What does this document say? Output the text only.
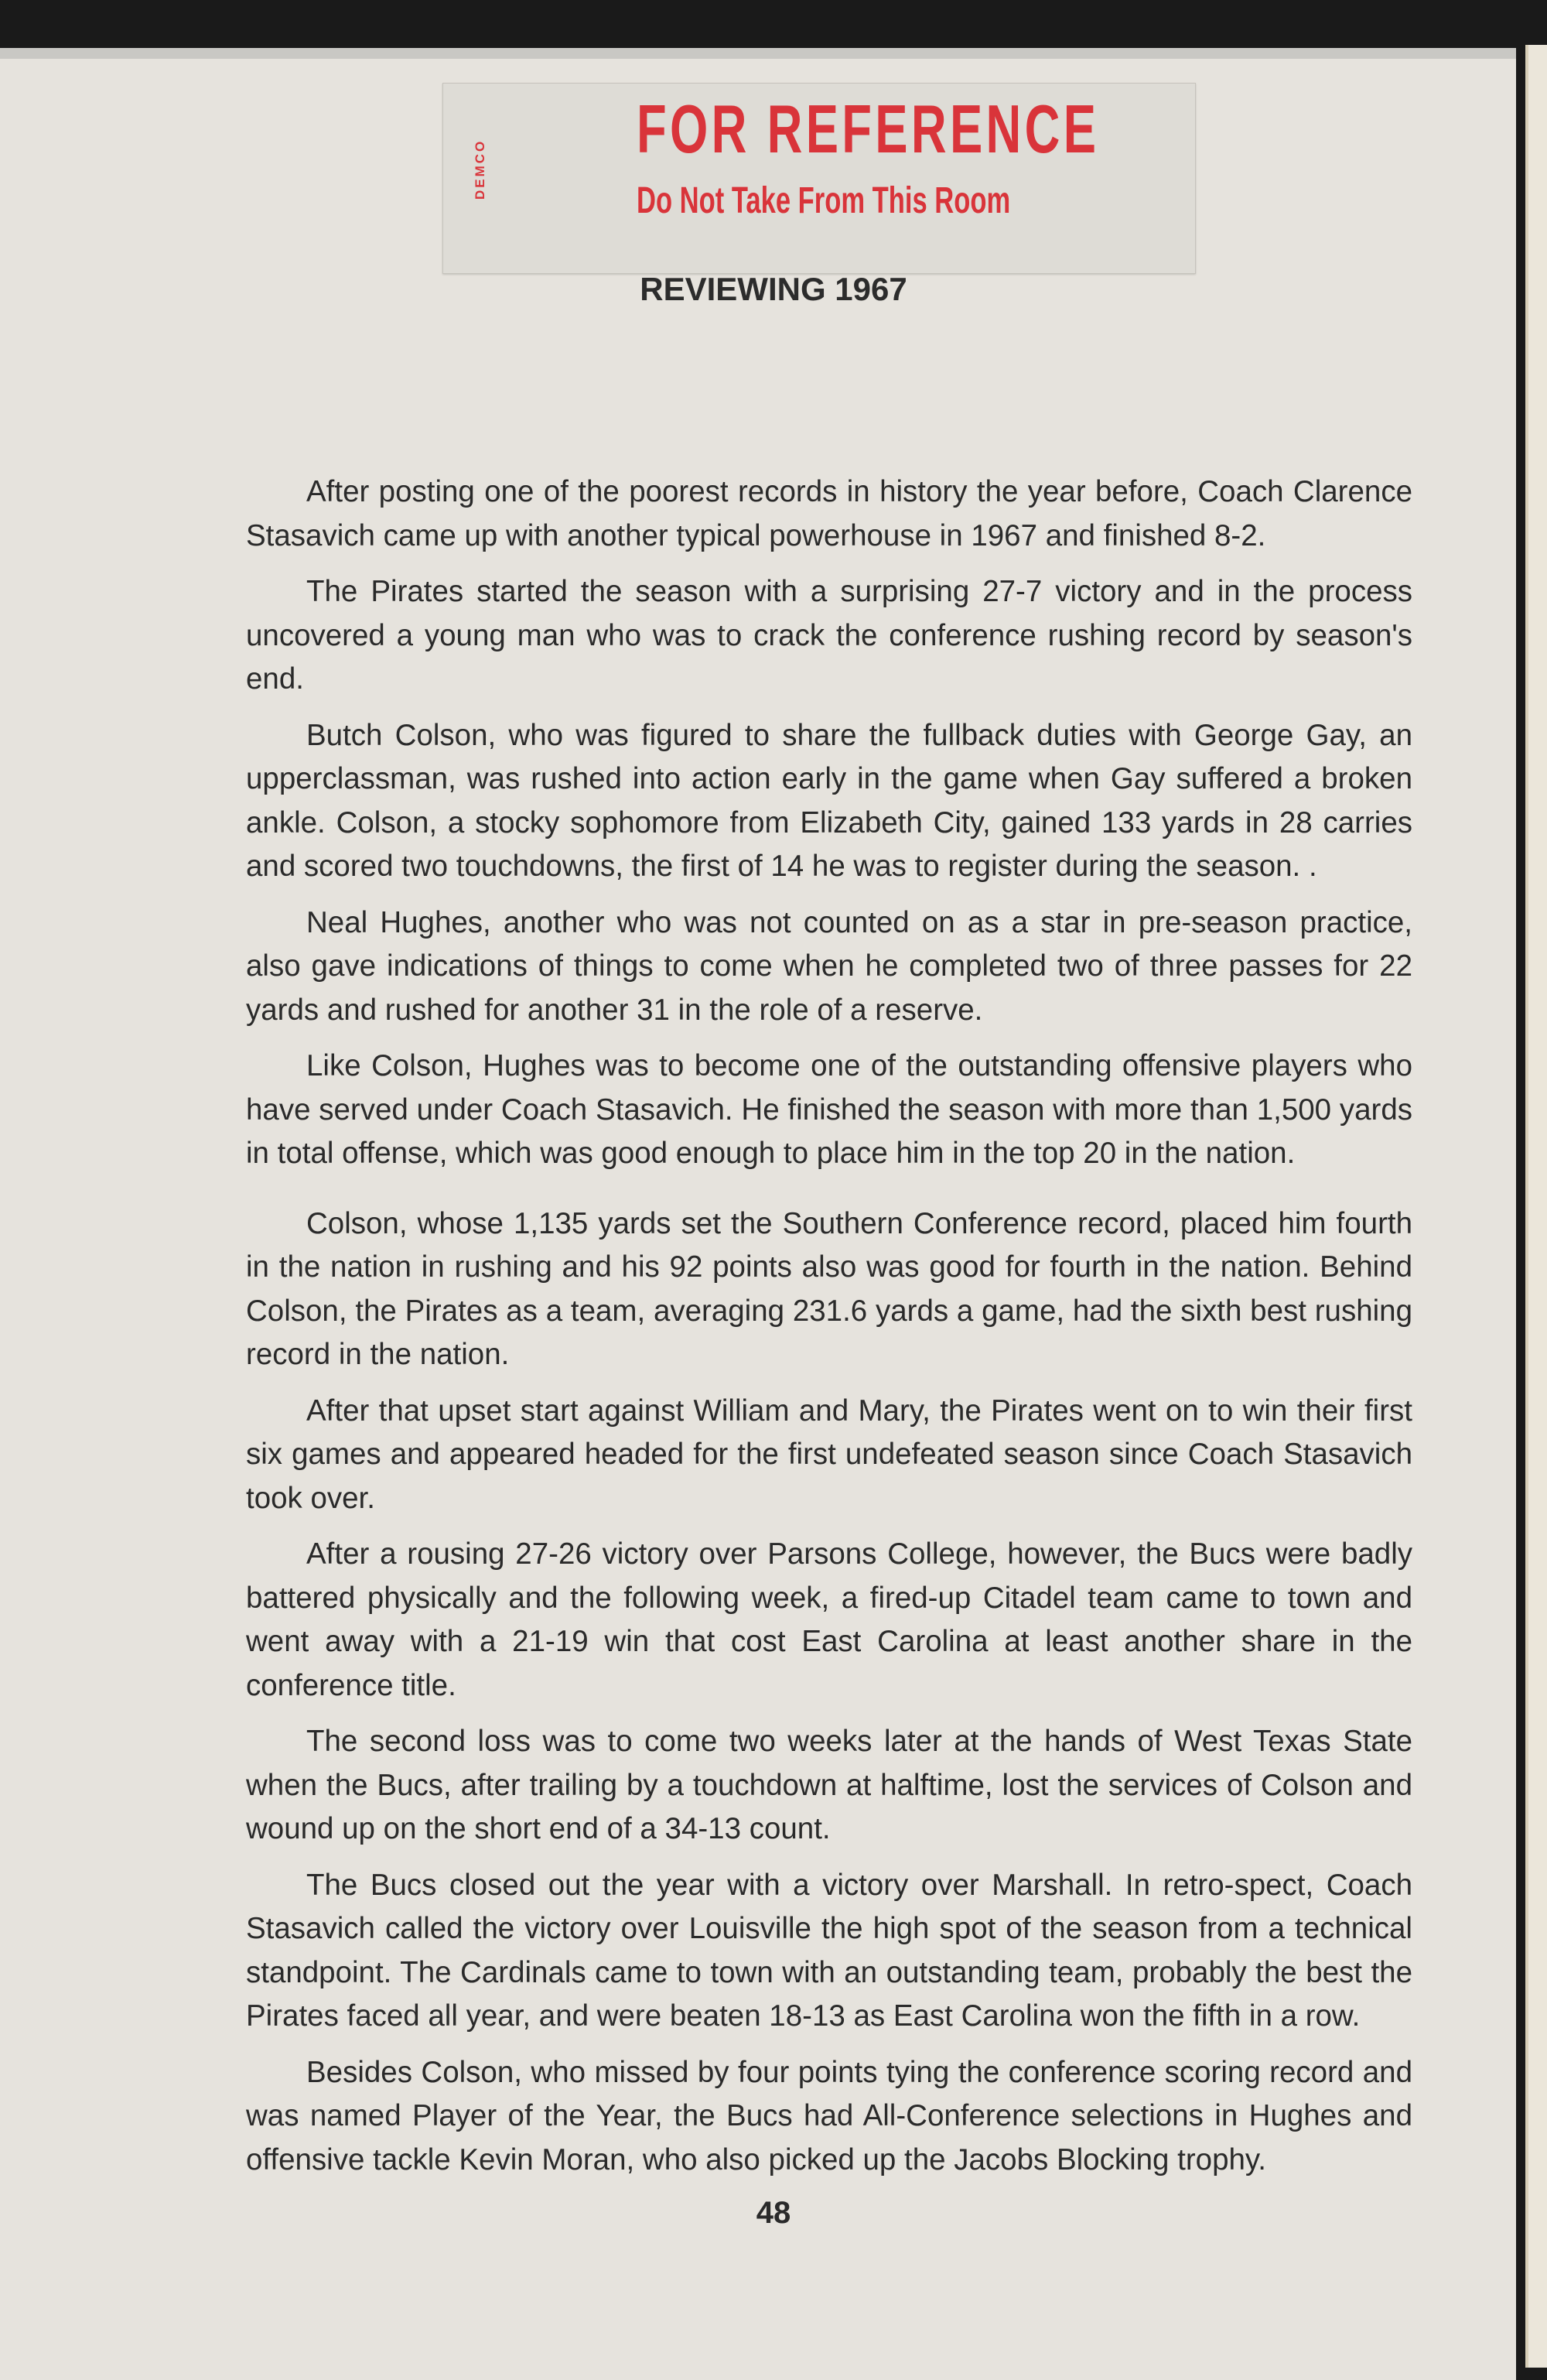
DEMCO
FOR REFERENCE
Do Not Take From This Room
REVIEWING 1967

After posting one of the poorest records in history the year before, Coach Clarence Stasavich came up with another typical powerhouse in 1967 and finished 8-2.

The Pirates started the season with a surprising 27-7 victory and in the process uncovered a young man who was to crack the conference rushing record by season's end.

Butch Colson, who was figured to share the fullback duties with George Gay, an upperclassman, was rushed into action early in the game when Gay suffered a broken ankle. Colson, a stocky sophomore from Elizabeth City, gained 133 yards in 28 carries and scored two touchdowns, the first of 14 he was to register during the season. .

Neal Hughes, another who was not counted on as a star in pre-season practice, also gave indications of things to come when he completed two of three passes for 22 yards and rushed for another 31 in the role of a reserve.

Like Colson, Hughes was to become one of the outstanding offensive players who have served under Coach Stasavich. He finished the season with more than 1,500 yards in total offense, which was good enough to place him in the top 20 in the nation.

Colson, whose 1,135 yards set the Southern Conference record, placed him fourth in the nation in rushing and his 92 points also was good for fourth in the nation. Behind Colson, the Pirates as a team, averaging 231.6 yards a game, had the sixth best rushing record in the nation.

After that upset start against William and Mary, the Pirates went on to win their first six games and appeared headed for the first undefeated season since Coach Stasavich took over.

After a rousing 27-26 victory over Parsons College, however, the Bucs were badly battered physically and the following week, a fired-up Citadel team came to town and went away with a 21-19 win that cost East Carolina at least another share in the conference title.

The second loss was to come two weeks later at the hands of West Texas State when the Bucs, after trailing by a touchdown at halftime, lost the services of Colson and wound up on the short end of a 34-13 count.

The Bucs closed out the year with a victory over Marshall. In retro-spect, Coach Stasavich called the victory over Louisville the high spot of the season from a technical standpoint. The Cardinals came to town with an outstanding team, probably the best the Pirates faced all year, and were beaten 18-13 as East Carolina won the fifth in a row.

Besides Colson, who missed by four points tying the conference scoring record and was named Player of the Year, the Bucs had All-Conference selections in Hughes and offensive tackle Kevin Moran, who also picked up the Jacobs Blocking trophy.

48
